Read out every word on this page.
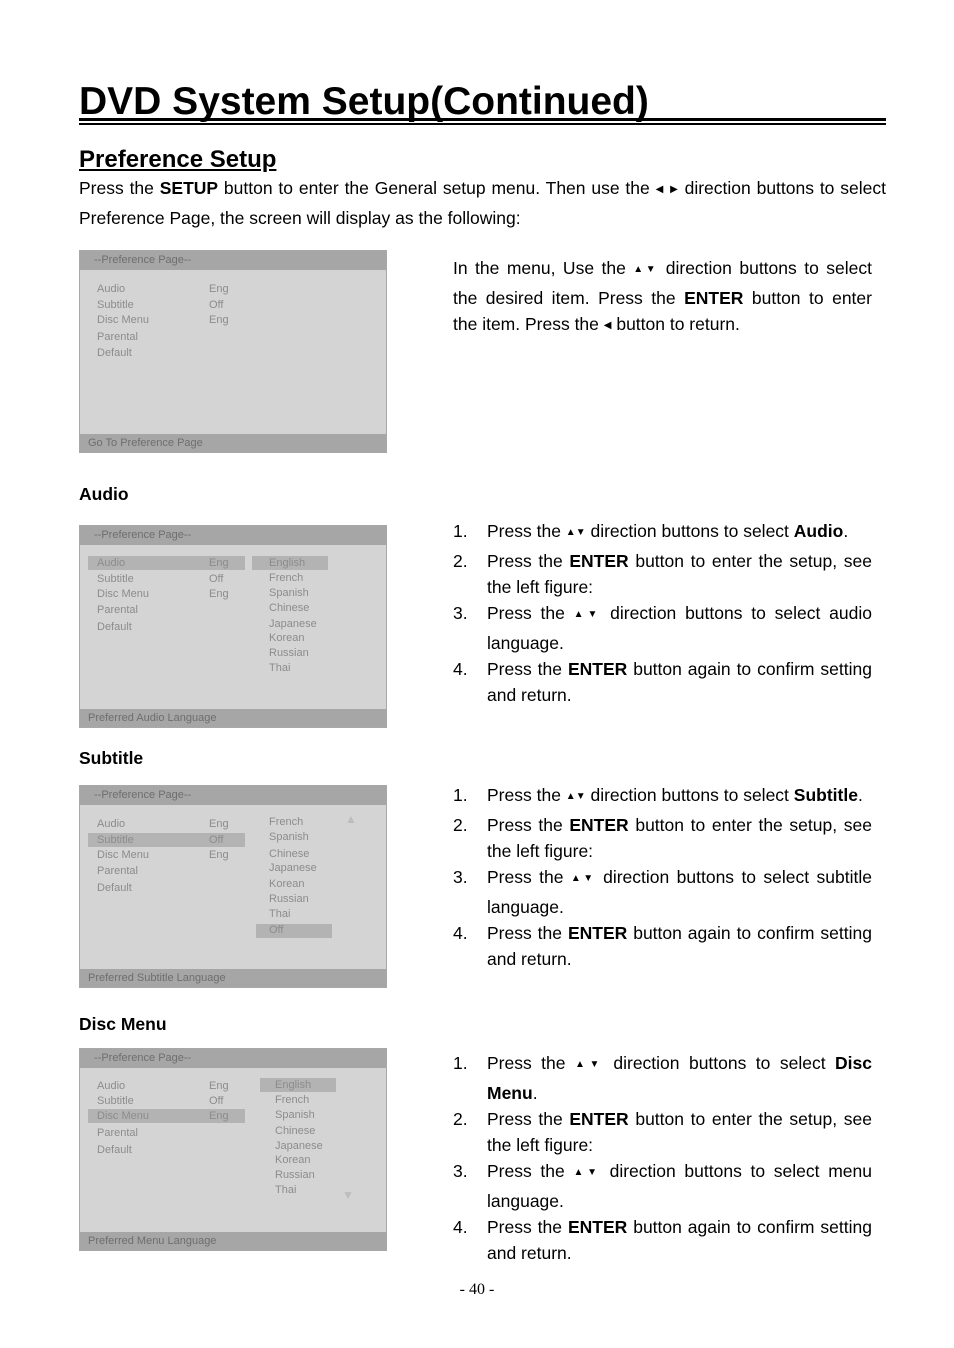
DVD System Setup(Continued)
Preference Setup
Press the SETUP button to enter the General setup menu. Then use the ◀ ▶ direction buttons to select Preference Page, the screen will display as the following:
--Preference Page--
Audio
Subtitle
Disc Menu
Parental
Default
Eng
Off
Eng
Go To Preference Page
In the menu, Use the ▲▼ direction buttons to select the desired item. Press the ENTER button to enter the item. Press the ◀ button to return.
Audio
--Preference Page--
Audio
Subtitle
Disc Menu
Parental
Default
Eng
Off
Eng
English
French
Spanish
Chinese
Japanese
Korean
Russian
Thai
Preferred Audio Language
1. Press the ▲▼ direction buttons to select Audio.
2. Press the ENTER button to enter the setup, see the left figure:
3. Press the ▲▼ direction buttons to select audio language.
4. Press the ENTER button again to confirm setting and return.
Subtitle
--Preference Page--
Audio
Subtitle
Disc Menu
Parental
Default
Eng
Off
Eng
French
Spanish
Chinese
Japanese
Korean
Russian
Thai
Off
▲
Preferred Subtitle Language
1. Press the ▲▼ direction buttons to select Subtitle.
2. Press the ENTER button to enter the setup, see the left figure:
3. Press the ▲▼ direction buttons to select subtitle language.
4. Press the ENTER button again to confirm setting and return.
Disc Menu
--Preference Page--
Audio
Subtitle
Disc Menu
Parental
Default
Eng
Off
Eng
English
French
Spanish
Chinese
Japanese
Korean
Russian
Thai	▼
Preferred Menu Language
1. Press the ▲▼ direction buttons to select Disc Menu.
2. Press the ENTER button to enter the setup, see the left figure:
3. Press the ▲▼ direction buttons to select menu language.
4. Press the ENTER button again to confirm setting and return.
- 40 -
